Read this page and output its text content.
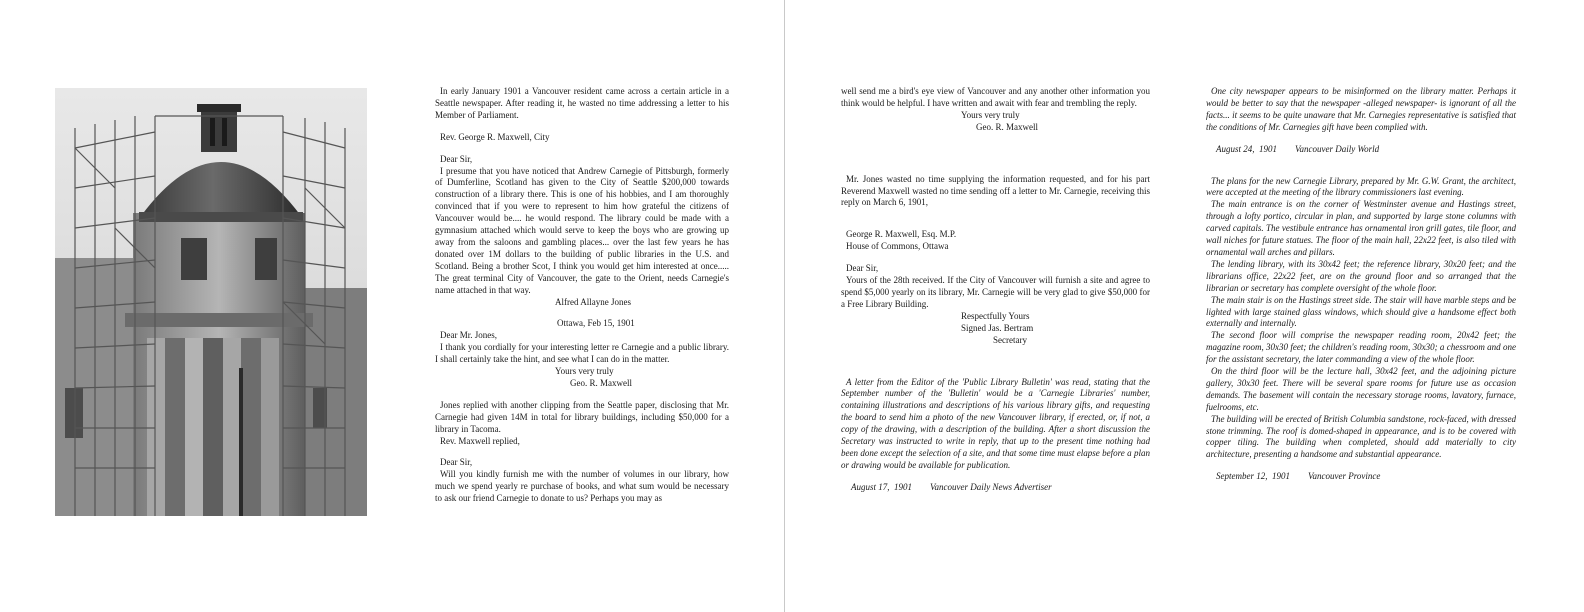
In early January 1901 a Vancouver resident came across a certain article in a Seattle newspaper. After reading it, he wasted no time addressing a letter to his Member of Parliament.

Rev. George R. Maxwell, City

Dear Sir,

I presume that you have noticed that Andrew Carnegie of Pittsburgh, formerly of Dumferline, Scotland has given to the City of Seattle $200,000 towards construction of a library there. This is one of his hobbies, and I am thoroughly convinced that if you were to represent to him how grateful the citizens of Vancouver would be.... he would respond. The library could be made with a gymnasium attached which would serve to keep the boys who are growing up away from the saloons and gambling places... over the last few years he has donated over 1M dollars to the building of public libraries in the U.S. and Scotland. Being a brother Scot, I think you would get him interested at once..... The great terminal City of Vancouver, the gate to the Orient, needs Carnegie's name attached in that way.

Alfred Allayne Jones

Ottawa, Feb 15, 1901

Dear Mr. Jones,

I thank you cordially for your interesting letter re Carnegie and a public library. I shall certainly take the hint, and see what I can do in the matter.

Yours very truly

Geo. R. Maxwell

Jones replied with another clipping from the Seattle paper, disclosing that Mr. Carnegie had given 14M in total for library buildings, including $50,000 for a library in Tacoma.

Rev. Maxwell replied,

Dear Sir,

Will you kindly furnish me with the number of volumes in our library, how much we spend yearly re purchase of books, and what sum would be necessary to ask our friend Carnegie to donate to us? Perhaps you may as

well send me a bird's eye view of Vancouver and any another other information you think would be helpful. I have written and await with fear and trembling the reply.

Yours very truly

Geo. R. Maxwell

Mr. Jones wasted no time supplying the information requested, and for his part Reverend Maxwell wasted no time sending off a letter to Mr. Carnegie, receiving this reply on March 6, 1901,

George R. Maxwell, Esq. M.P.

House of Commons, Ottawa

Dear Sir,

Yours of the 28th received. If the City of Vancouver will furnish a site and agree to spend $5,000 yearly on its library, Mr. Carnegie will be very glad to give $50,000 for a Free Library Building.

Respectfully Yours

Signed Jas. Bertram

Secretary

A letter from the Editor of the 'Public Library Bulletin' was read, stating that the September number of the 'Bulletin' would be a 'Carnegie Libraries' number, containing illustrations and descriptions of his various library gifts, and requesting the board to send him a photo of the new Vancouver library, if erected, or, if not, a copy of the drawing, with a description of the building. After a short discussion the Secretary was instructed to write in reply, that up to the present time nothing had been done except the selection of a site, and that some time must elapse before a plan or drawing would be available for publication.

August 17,  1901 Vancouver Daily News Advertiser

One city newspaper appears to be misinformed on the library matter. Perhaps it would be better to say that the newspaper -alleged newspaper- is ignorant of all the facts... it seems to be quite unaware that Mr. Carnegies representative is satisfied that the conditions of Mr. Carnegies gift have been complied with.

August 24,  1901 Vancouver Daily World

The plans for the new Carnegie Library, prepared by Mr. G.W. Grant, the architect, were accepted at the meeting of the library commissioners last evening.

The main entrance is on the corner of Westminster avenue and Hastings street, through a lofty portico, circular in plan, and supported by large stone columns with carved capitals. The vestibule entrance has ornamental iron grill gates, tile floor, and wall niches for future statues. The floor of the main hall, 22x22 feet, is also tiled with ornamental wall arches and pillars.

The lending library, with its 30x42 feet; the reference library, 30x20 feet; and the librarians office, 22x22 feet, are on the ground floor and so arranged that the librarian or secretary has complete oversight of the whole floor.

The main stair is on the Hastings street side. The stair will have marble steps and be lighted with large stained glass windows, which should give a handsome effect both externally and internally.

The second floor will comprise the newspaper reading room, 20x42 feet; the magazine room, 30x30 feet; the children's reading room, 30x30; a chessroom and one for the assistant secretary, the later commanding a view of the whole floor.

On the third floor will be the lecture hall, 30x42 feet, and the adjoining picture gallery, 30x30 feet. There will be several spare rooms for future use as occasion demands. The basement will contain the necessary storage rooms, lavatory, furnace, fuelrooms, etc.

The building will be erected of British Columbia sandstone, rock-faced, with dressed stone trimming. The roof is domed-shaped in appearance, and is to be covered with copper tiling. The building when completed, should add materially to city architecture, presenting a handsome and substantial appearance.

September 12,  1901 Vancouver Province
